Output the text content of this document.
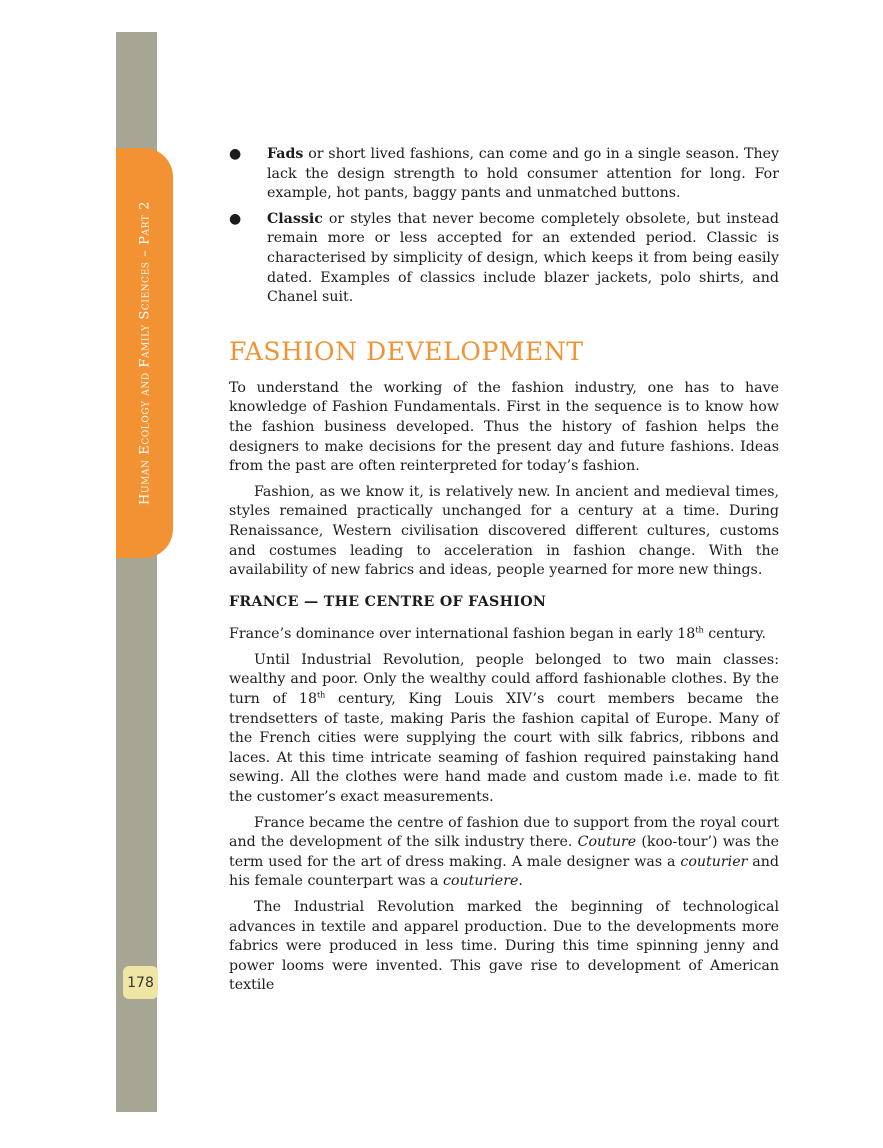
Human Ecology and Family Sciences – Part 2
178
● Fads or short lived fashions, can come and go in a single season. They lack the design strength to hold consumer attention for long. For example, hot pants, baggy pants and unmatched buttons.
● Classic or styles that never become completely obsolete, but instead remain more or less accepted for an extended period. Classic is characterised by simplicity of design, which keeps it from being easily dated. Examples of classics include blazer jackets, polo shirts, and Chanel suit.
FASHION DEVELOPMENT

To understand the working of the fashion industry, one has to have knowledge of Fashion Fundamentals. First in the sequence is to know how the fashion business developed. Thus the history of fashion helps the designers to make decisions for the present day and future fashions. Ideas from the past are often reinterpreted for today’s fashion.

Fashion, as we know it, is relatively new. In ancient and medieval times, styles remained practically unchanged for a century at a time. During Renaissance, Western civilisation discovered different cultures, customs and costumes leading to acceleration in fashion change. With the availability of new fabrics and ideas, people yearned for more new things.

FRANCE — THE CENTRE OF FASHION

France’s dominance over international fashion began in early 18th century.

Until Industrial Revolution, people belonged to two main classes: wealthy and poor. Only the wealthy could afford fashionable clothes. By the turn of 18th century, King Louis XIV’s court members became the trendsetters of taste, making Paris the fashion capital of Europe. Many of the French cities were supplying the court with silk fabrics, ribbons and laces. At this time intricate seaming of fashion required painstaking hand sewing. All the clothes were hand made and custom made i.e. made to fit the customer’s exact measurements.

France became the centre of fashion due to support from the royal court and the development of the silk industry there. Couture (koo-tour’) was the term used for the art of dress making. A male designer was a couturier and his female counterpart was a couturiere.

The Industrial Revolution marked the beginning of technological advances in textile and apparel production. Due to the developments more fabrics were produced in less time. During this time spinning jenny and power looms were invented. This gave rise to development of American textile
